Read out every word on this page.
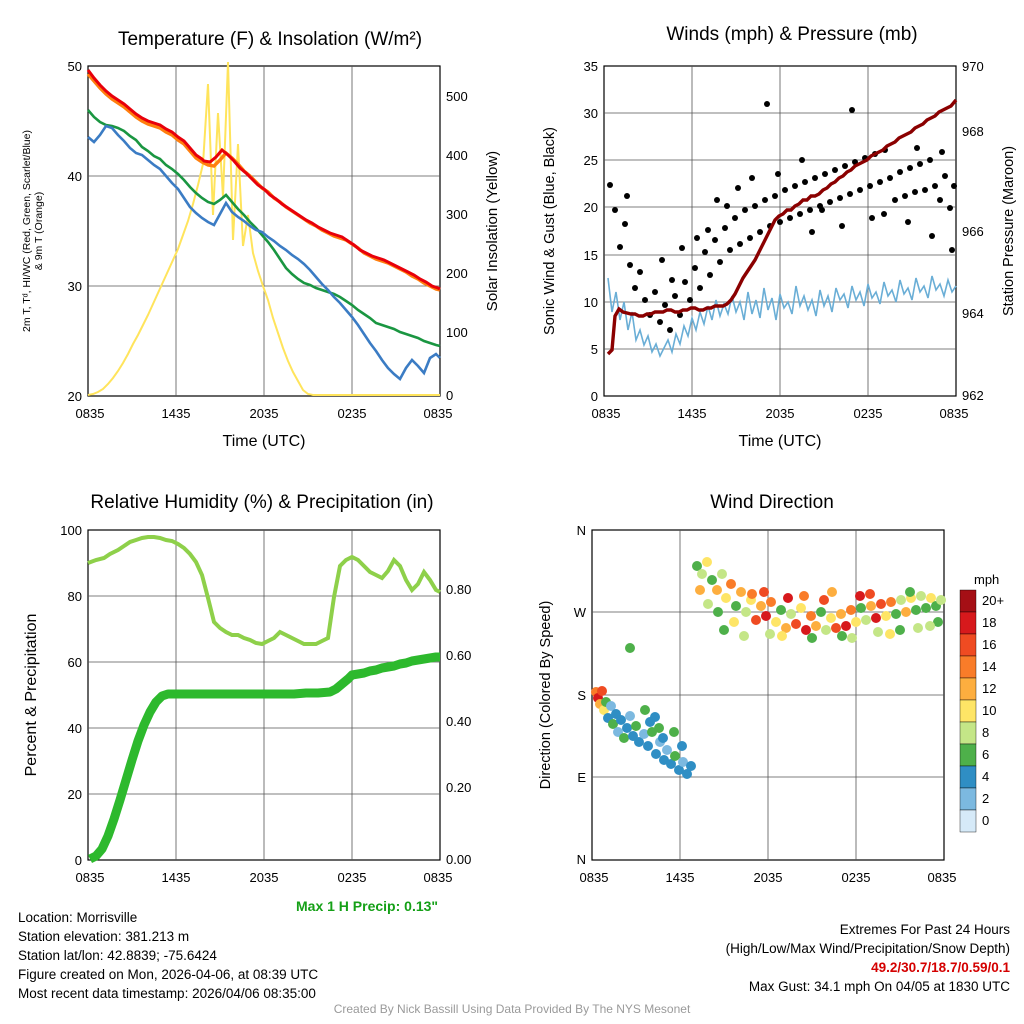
Temperature (F) & Insolation (W/m²)
50
40
30
20
500
400
300
200
100
0
0835	1435	2035	0235	0835
Time (UTC)
2m T, Tᵈ, HI/WC (Red, Green, Scarlet/Blue) & 9m T (Orange)	Solar Insolation (Yellow)
Winds (mph) & Pressure (mb)
35
30
25
20
15
10
5
0
970
968
966
964
962
0835	1435	2035	0235	0835
Time (UTC)
Sonic Wind & Gust (Blue, Black)	Station Pressure (Maroon)
Relative Humidity (%) & Precipitation (in)
100
80
60
40
20
0
0.80
0.60
0.40
0.20
0.00
0835	1435	2035	0235	0835
Percent & Precipitation
Max 1 H Precip: 0.13"
Wind Direction
N
W
S
E
N
0835	1435	2035	0235	0835
Direction (Colored By Speed)
mph
20+
18
16
14
12
10
8
6
4
2
0
Location: Morrisville
Station elevation: 381.213 m
Station lat/lon: 42.8839; -75.6424
Figure created on Mon, 2026-04-06, at 08:39 UTC
Most recent data timestamp: 2026/04/06 08:35:00
Extremes For Past 24 Hours
(High/Low/Max Wind/Precipitation/Snow Depth)
49.2/30.7/18.7/0.59/0.1
Max Gust: 34.1 mph On 04/05 at 1830 UTC
Created By Nick Bassill Using Data Provided By The NYS Mesonet
